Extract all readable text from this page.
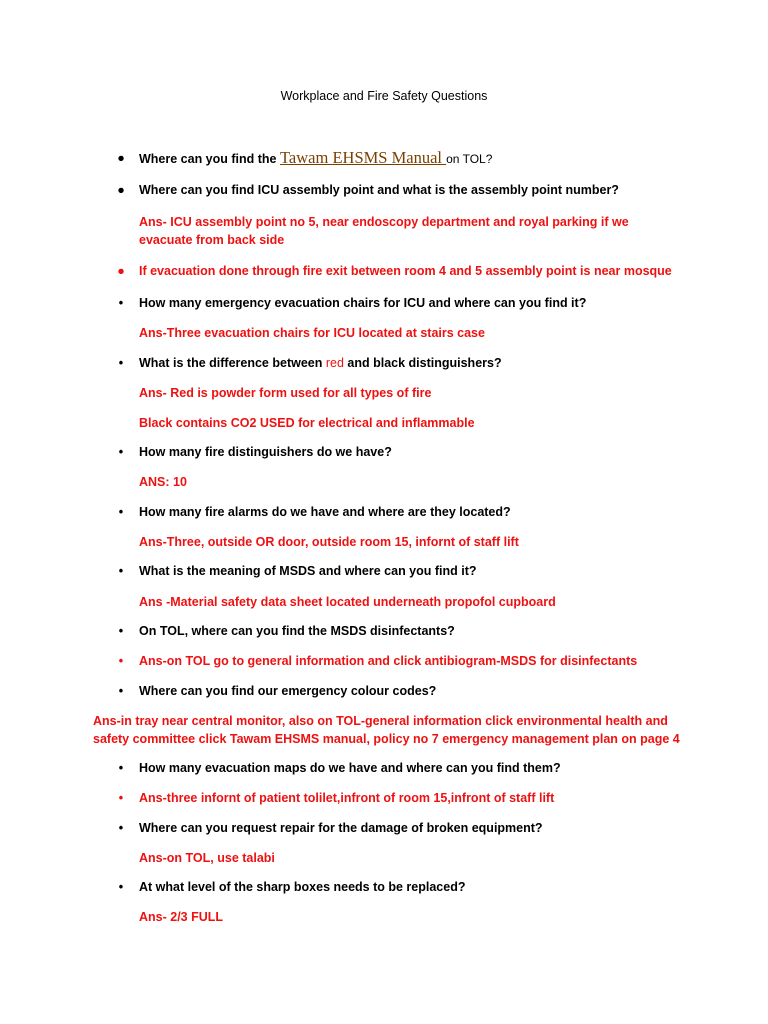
Workplace and Fire Safety Questions
● Where can you find the Tawam EHSMS Manual on TOL?
● Where can you find ICU assembly point and what is the assembly point number?
Ans- ICU assembly point no 5, near endoscopy department and royal parking if we evacuate from back side
● If evacuation done through fire exit between room 4 and 5 assembly point is near mosque
•	How many emergency evacuation chairs for ICU and where can you find it?
Ans-Three evacuation chairs for ICU located at stairs case
•	What is the difference between red and black distinguishers?
Ans- Red is powder form used for all types of fire
Black contains CO2 USED for electrical and inflammable
•	How many fire distinguishers do we have?
ANS: 10
•	How many fire alarms do we have and where are they located?
Ans-Three, outside OR door, outside room 15, infornt of staff lift
•	What is the meaning of MSDS and where can you find it?
Ans -Material safety data sheet located underneath propofol cupboard
•	On TOL, where can you find the MSDS disinfectants?
•	Ans-on TOL go to general information and click antibiogram-MSDS for disinfectants
•	Where can you find our emergency colour codes?
Ans-in tray near central monitor, also on TOL-general information click environmental health and safety committee click Tawam EHSMS manual, policy no 7 emergency management plan on page 4
•	How many evacuation maps do we have and where can you find them?
•	Ans-three infornt of patient tolilet,infront of room 15,infront of staff lift
•	Where can you request repair for the damage of broken equipment?
Ans-on TOL, use talabi
•	At what level of the sharp boxes needs to be replaced?
Ans- 2/3 FULL
